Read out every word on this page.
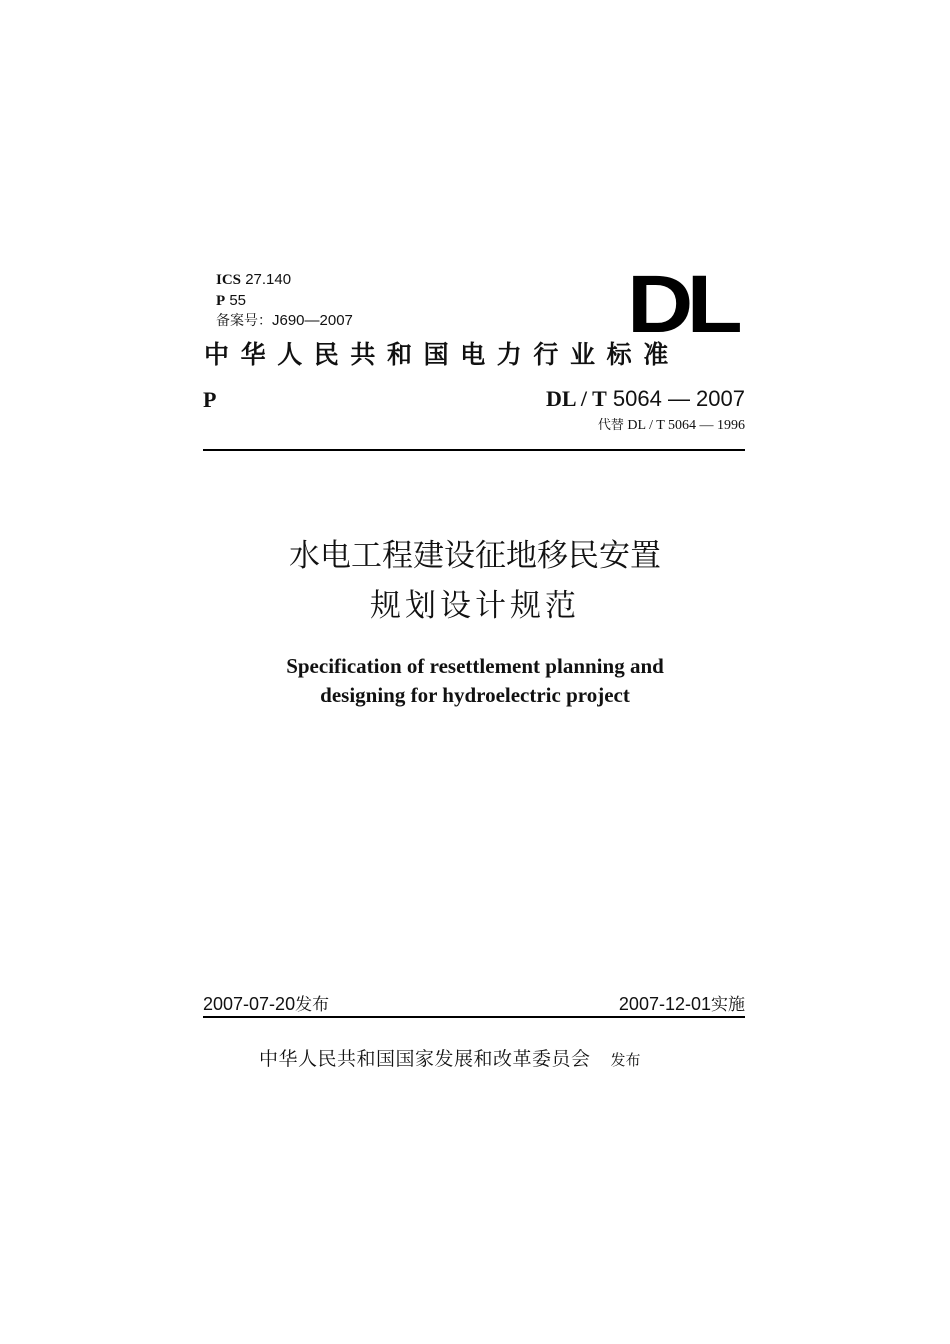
ICS 27.140
P 55
备案号：J690—2007	DL
中华人民共和国电力行业标准
P	DL / T 5064 — 2007
代替 DL / T 5064 — 1996
水电工程建设征地移民安置
规划设计规范
Specification of resettlement planning and
designing for hydroelectric project
2007-07-20发布	2007-12-01实施
中华人民共和国国家发展和改革委员会 发布
